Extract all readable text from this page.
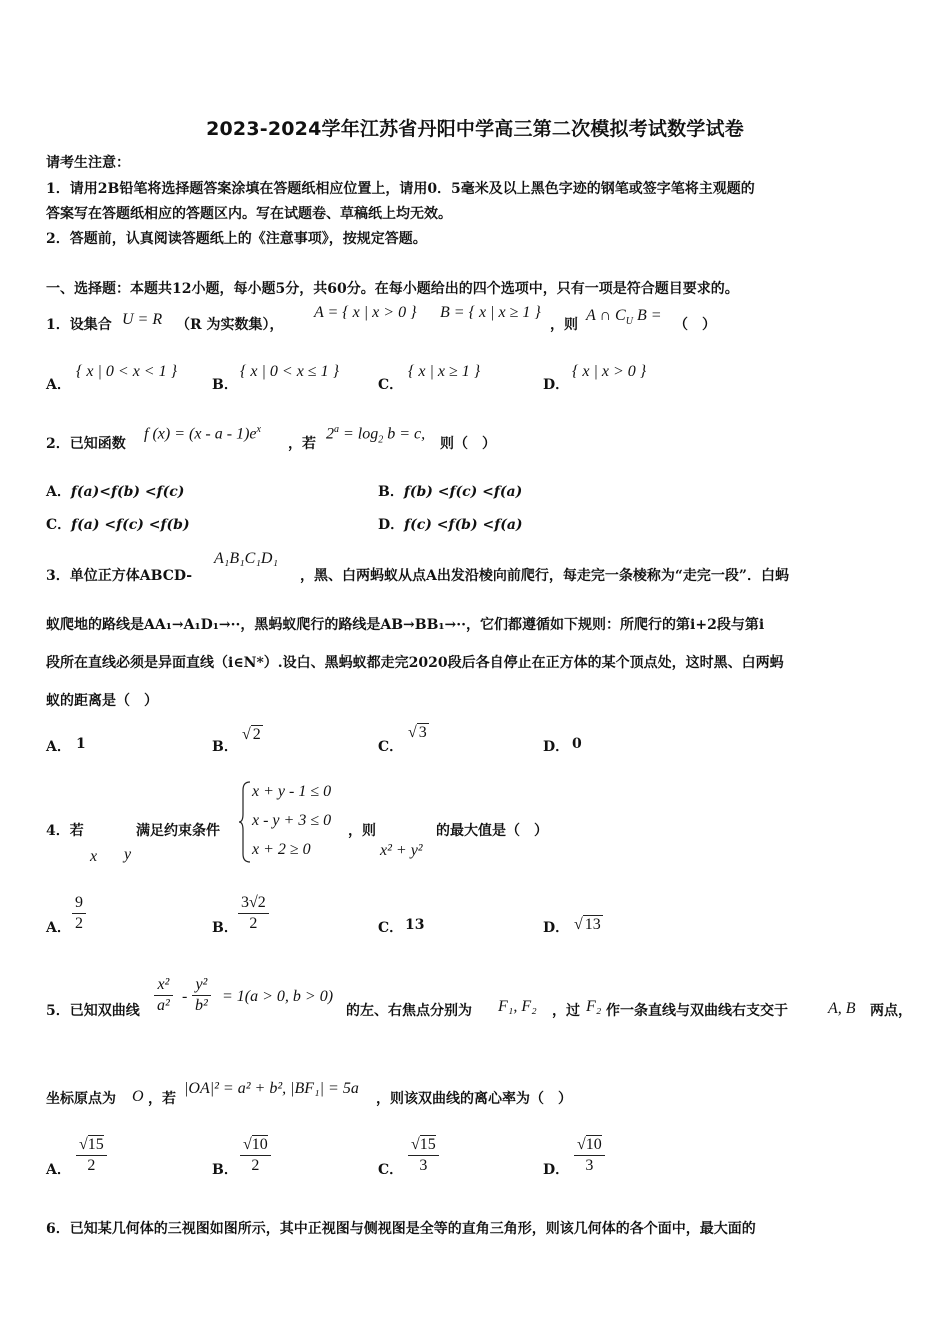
2023-2024学年江苏省丹阳中学高三第二次模拟考试数学试卷
请考生注意：
1．请用2B铅笔将选择题答案涂填在答题纸相应位置上，请用0．5毫米及以上黑色字迹的钢笔或签字笔将主观题的
答案写在答题纸相应的答题区内。写在试题卷、草稿纸上均无效。
2．答题前，认真阅读答题纸上的《注意事项》，按规定答题。
一、选择题：本题共12小题，每小题5分，共60分。在每小题给出的四个选项中，只有一项是符合题目要求的。
1．设集合 U = R （R 为实数集），
A = { x | x > 0 } B = { x | x ≥ 1 }
，则
A ∩ $C_U$ B =
（　）
A．
{ x | 0 < x < 1 }
B．
{ x | 0 < x ≤ 1 }
C．
{ x | x ≥ 1 }
D．
{ x | x > 0 }
2．已知函数
f $(x) = (x - a - 1)e^x$
，若
$2^a = \log_2 b = c$,
则（　）
A．f(a)<f(b) <f(c)	B．f(b) <f(c) <f(a)
C．f(a) <f(c) <f(b)	D．f(c) <f(b) <f(a)
3．单位正方体ABCD-
A₁B₁C₁D₁
，黑、白两蚂蚁从点A出发沿棱向前爬行，每走完一条棱称为“走完一段”．白蚂
蚁爬地的路线是AA₁→A₁D₁→··，黑蚂蚁爬行的路线是AB→BB₁→··，它们都遵循如下规则：所爬行的第i+2段与第i
段所在直线必须是异面直线（i∈N*）.设白、黑蚂蚁都走完2020段后各自停止在正方体的某个顶点处，这时黑、白两蚂
蚁的距离是（　）
A． 1	B．
√ 2
C．
√ 3
D． 0
4．若
x y
满足约束条件
x + y - 1 ≤ 0
x - y + 3 ≤ 0
x + 2 ≥ 0
，则
x² + y²
的最大值是（　）
A． $\frac{9}{2}$	B． $\frac{3√2}{2}$	C． 13	D． √ 13
5．已知双曲线 $\frac{\text{x²}}{\text{a²}} - \frac{\text{y²}}{\text{b²}} = 1(a > 0$, b > 0)
的左、右焦点分别为 F₁, F₂ ，过 F₂ 作一条直线与双曲线右支交于	A, B 两点，
坐标原点为 O ，若
|OA|² = a² + b², |BF₁| = 5a
，则该双曲线的离心率为（　）
A． $\frac{√15}{2}$	B． $\frac{√10}{2}$	C． $\frac{√15}{3}$	D． $\frac{√10}{3}$
6．已知某几何体的三视图如图所示，其中正视图与侧视图是全等的直角三角形，则该几何体的各个面中，最大面的
